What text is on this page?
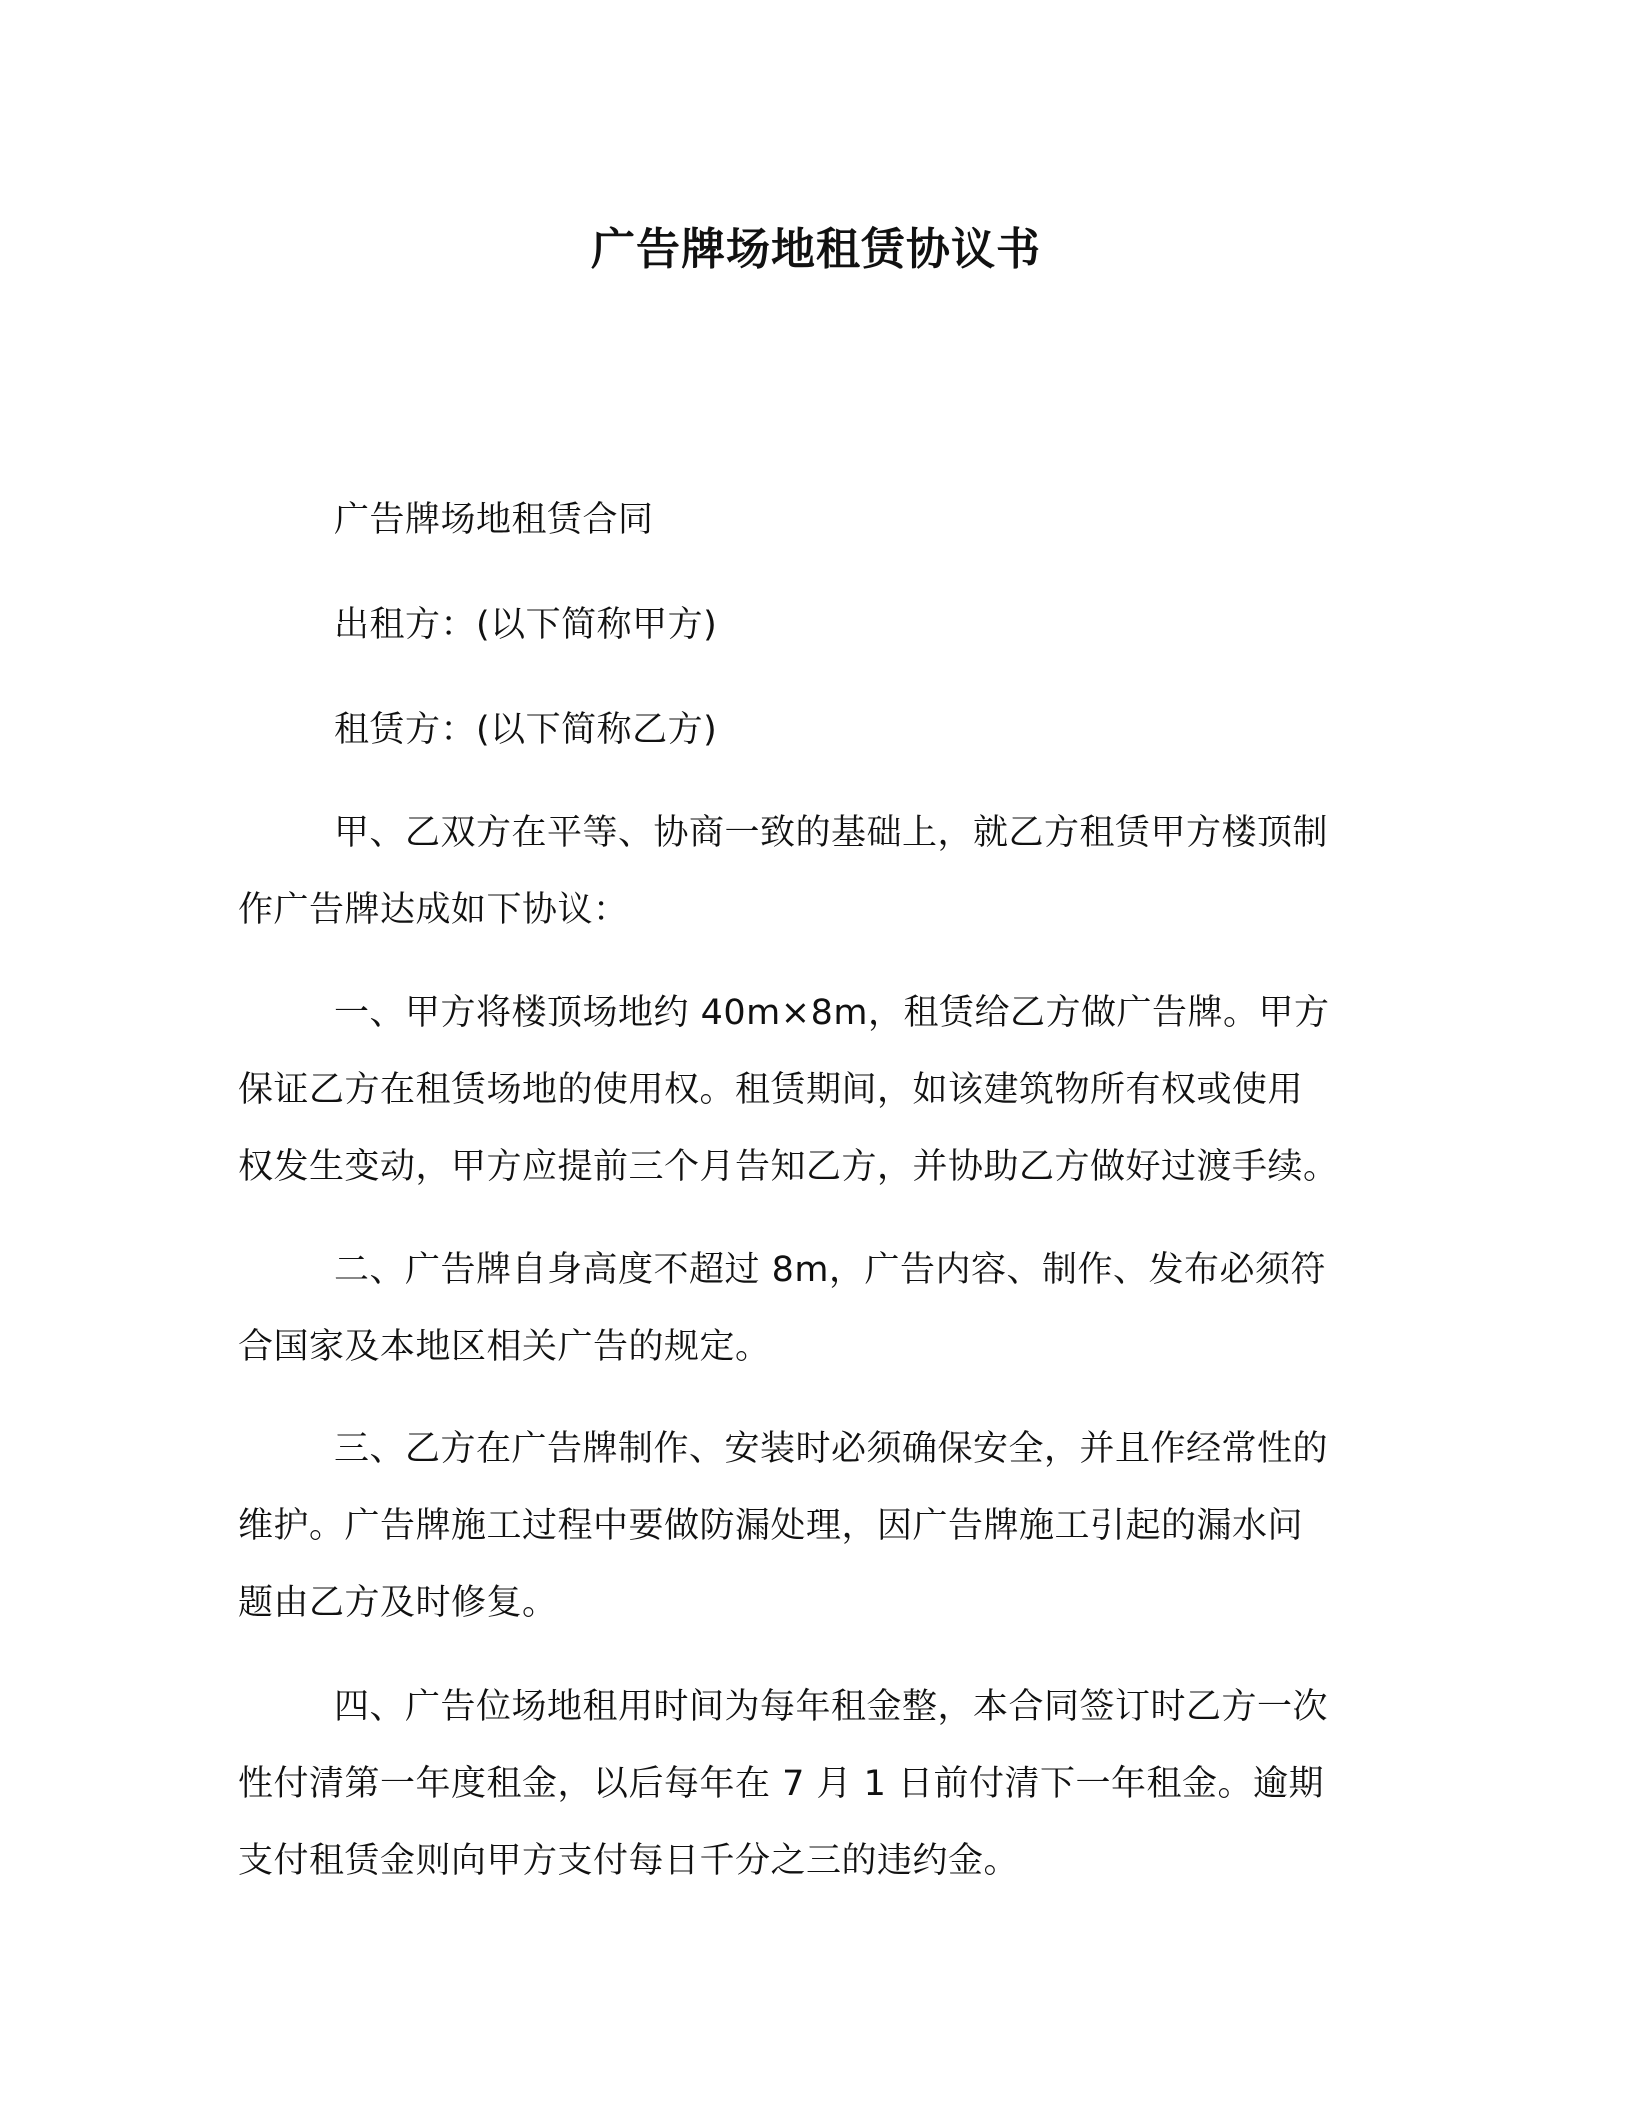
广告牌场地租赁协议书
广告牌场地租赁合同
出租方：(以下简称甲方)
租赁方：(以下简称乙方)
甲、乙双方在平等、协商一致的基础上，就乙方租赁甲方楼顶制
作广告牌达成如下协议：
一、甲方将楼顶场地约 40m×8m，租赁给乙方做广告牌。甲方
保证乙方在租赁场地的使用权。租赁期间，如该建筑物所有权或使用
权发生变动，甲方应提前三个月告知乙方，并协助乙方做好过渡手续。
二、广告牌自身高度不超过 8m，广告内容、制作、发布必须符
合国家及本地区相关广告的规定。
三、乙方在广告牌制作、安装时必须确保安全，并且作经常性的
维护。广告牌施工过程中要做防漏处理，因广告牌施工引起的漏水问
题由乙方及时修复。
四、广告位场地租用时间为每年租金整，本合同签订时乙方一次
性付清第一年度租金，以后每年在 7 月 1 日前付清下一年租金。逾期
支付租赁金则向甲方支付每日千分之三的违约金。
